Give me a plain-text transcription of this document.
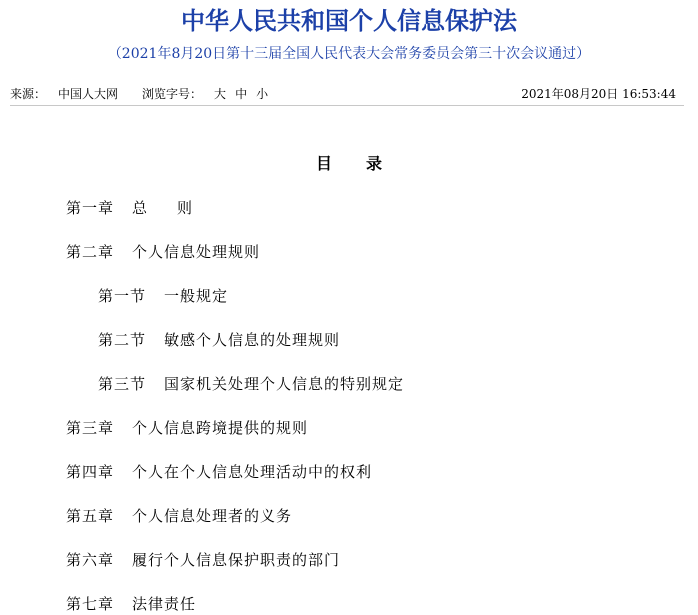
中华人民共和国个人信息保护法
（2021年8月20日第十三届全国人民代表大会常务委员会第三十次会议通过）
来源： 中国人大网 浏览字号： 大 中 小	2021年08月20日 16:53:44
目 录
第一章 总 则
第二章 个人信息处理规则
第一节 一般规定
第二节 敏感个人信息的处理规则
第三节 国家机关处理个人信息的特别规定
第三章 个人信息跨境提供的规则
第四章 个人在个人信息处理活动中的权利
第五章 个人信息处理者的义务
第六章 履行个人信息保护职责的部门
第七章 法律责任
